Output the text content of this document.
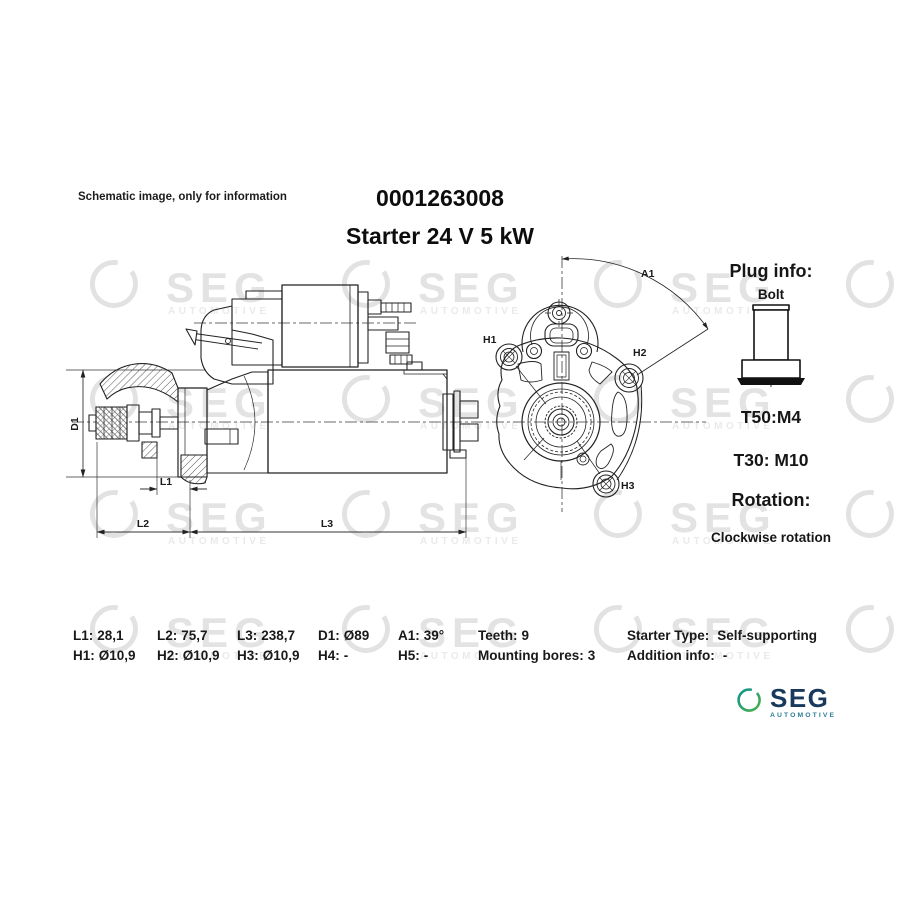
D1
L1
L2	L3
A1
H1
H2
H3
Schematic image, only for information	0001263008
Starter 24 V 5 kW
Plug info:
Bolt
T50:M4
T30: M10
Rotation:
Clockwise rotation
L1: 28,1 L2: 75,7 L3: 238,7 D1: Ø89 A1: 39°	Teeth: 9	Starter Type: Self-supporting
H1: Ø10,9 H2: Ø10,9 H3: Ø10,9 H4: -	H5: -	Mounting bores: 3 Addition info: -
SEG
AUTOMOTIVE
